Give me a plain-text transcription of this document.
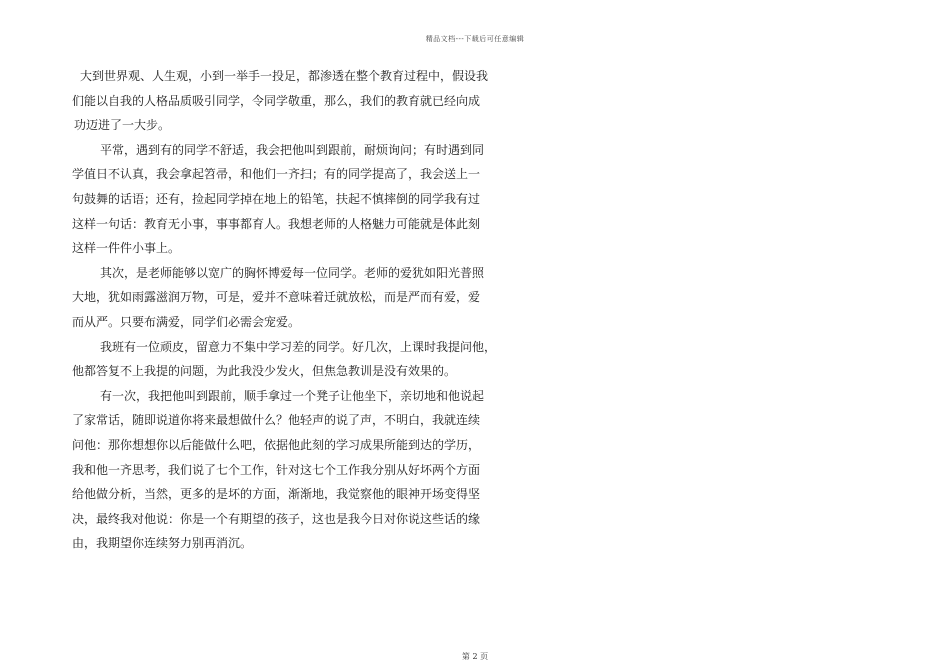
精品文档---下载后可任意编辑
大到世界观、人生观，小到一举手一投足，都渗透在整个教育过程中，假设我
们能以自我的人格品质吸引同学，令同学敬重，那么，我们的教育就已经向成
功迈进了一大步。
平常，遇到有的同学不舒适，我会把他叫到跟前，耐烦询问；有时遇到同
学值日不认真，我会拿起笤帚，和他们一齐扫；有的同学提高了，我会送上一
句鼓舞的话语；还有，捡起同学掉在地上的铅笔，扶起不慎摔倒的同学我有过
这样一句话：教育无小事，事事都育人。我想老师的人格魅力可能就是体此刻
这样一件件小事上。
其次，是老师能够以宽广的胸怀博爱每一位同学。老师的爱犹如阳光普照
大地，犹如雨露滋润万物，可是，爱并不意味着迁就放松，而是严而有爱，爱
而从严。只要布满爱，同学们必需会宠爱。
我班有一位顽皮，留意力不集中学习差的同学。好几次，上课时我提问他，
他都答复不上我提的问题，为此我没少发火，但焦急教训是没有效果的。
有一次，我把他叫到跟前，顺手拿过一个凳子让他坐下，亲切地和他说起
了家常话，随即说道你将来最想做什么？他轻声的说了声，不明白，我就连续
问他：那你想想你以后能做什么吧，依据他此刻的学习成果所能到达的学历，
我和他一齐思考，我们说了七个工作，针对这七个工作我分别从好坏两个方面
给他做分析，当然，更多的是坏的方面，渐渐地，我觉察他的眼神开场变得坚
决，最终我对他说：你是一个有期望的孩子，这也是我今日对你说这些话的缘
由，我期望你连续努力别再消沉。
第 2 页
